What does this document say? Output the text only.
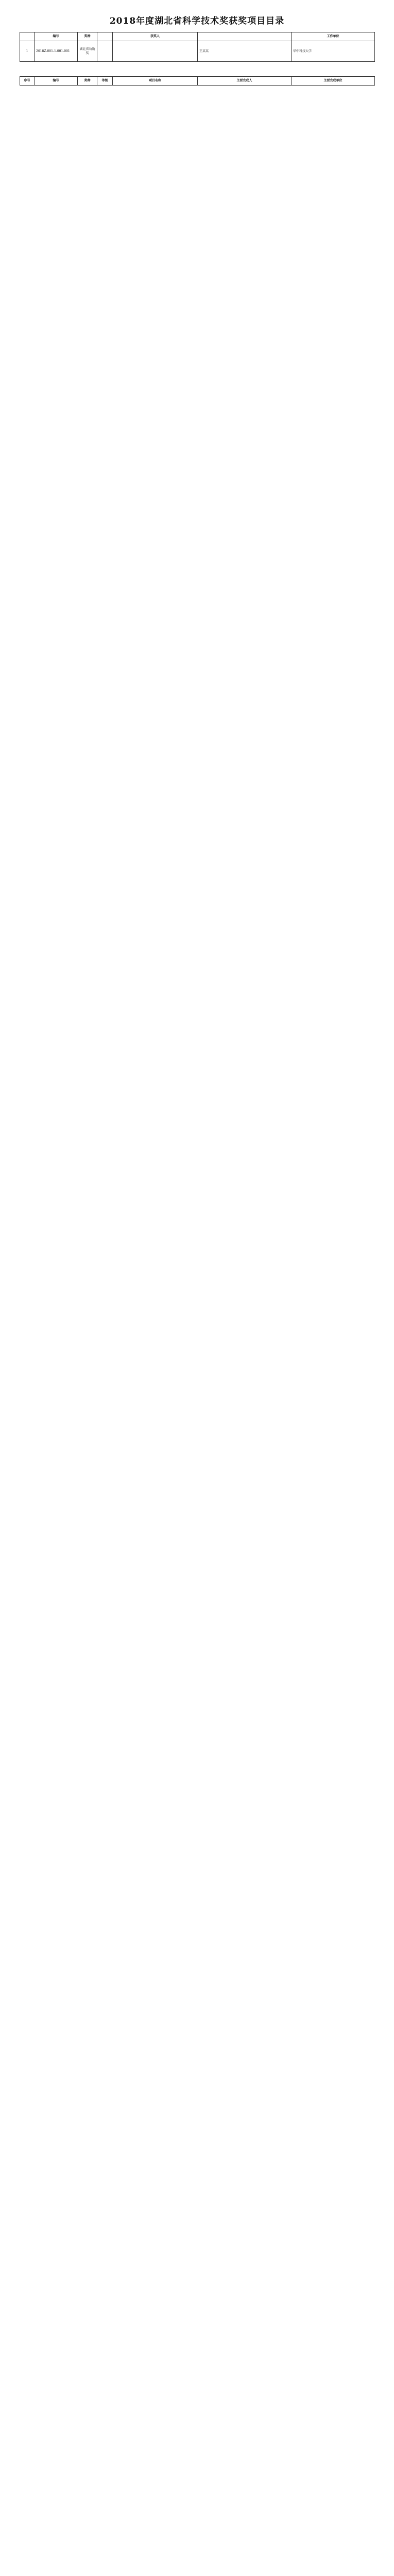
2018年度湖北省科学技术奖获奖项目目录
	编号	奖种		获奖人		工作单位
1	2018Z-001-1-001-001	湖北省功勋奖			王某某	华中科技大学
序号	编号	奖种	等级	项目名称	主要完成人	主要完成单位
